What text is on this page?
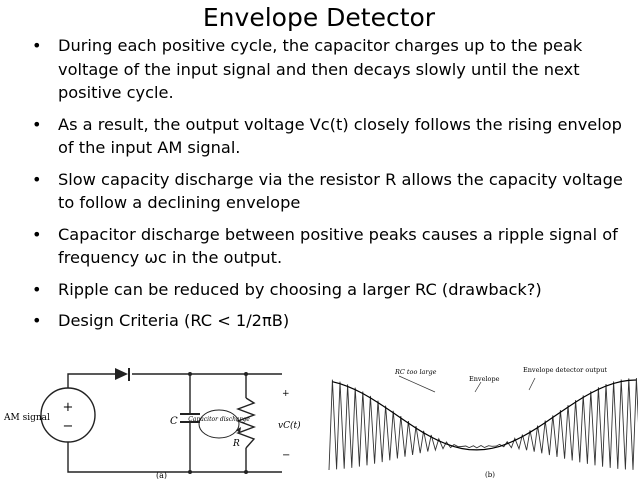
Envelope Detector
• During each positive cycle, the capacitor charges up to the peak voltage of the input signal and then decays slowly until the next positive cycle.
• As a result, the output voltage Vc(t) closely follows the rising envelop of the input AM signal.
• Slow capacity discharge via the resistor R allows the capacity voltage to follow a declining envelope
• Capacitor discharge between positive peaks causes a ripple signal of frequency ωc in the output.
• Ripple can be reduced by choosing a larger RC (drawback?)
• Design Criteria (RC < 1/2πB)
+
−
AM signal	C Capacitor discharge
R
+
vC(t)
−
(a)
RC too large
Envelope
Envelope detector output
(b)
